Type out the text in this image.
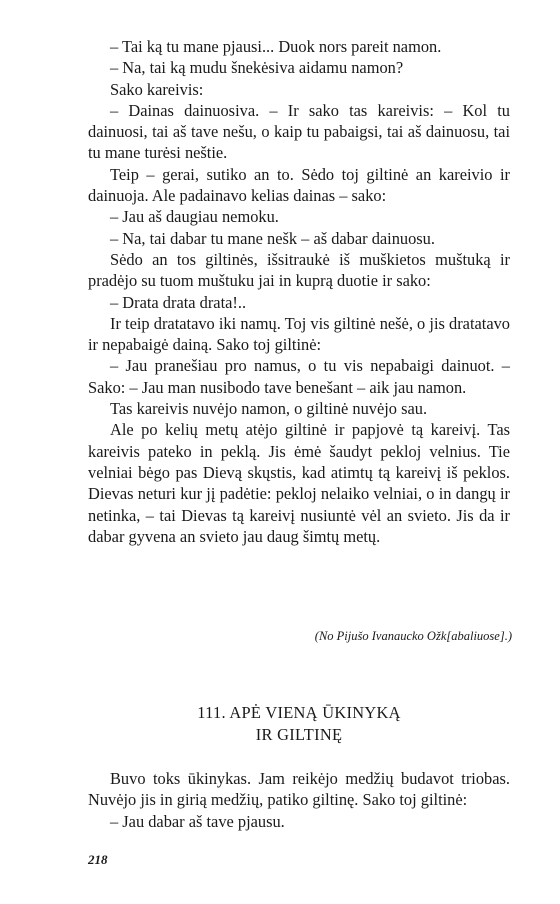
– Tai ką tu mane pjausi... Duok nors pareit namon.

– Na, tai ką mudu šnekėsiva aidamu namon?

Sako kareivis:

– Dainas dainuosiva. – Ir sako tas kareivis: – Kol tu dainuosi, tai aš tave nešu, o kaip tu pabaigsi, tai aš dainuosu, tai tu mane turėsi neštie.

Teip – gerai, sutiko an to. Sėdo toj giltinė an kareivio ir dainuoja. Ale padainavo kelias dainas – sako:

– Jau aš daugiau nemoku.

– Na, tai dabar tu mane nešk – aš dabar dainuosu.

Sėdo an tos giltinės, išsitraukė iš muškietos muštuką ir pradėjo su tuom muštuku jai in kuprą duotie ir sako:

– Drata drata drata!..

Ir teip dratatavo iki namų. Toj vis giltinė nešė, o jis dratatavo ir nepabaigė dainą. Sako toj giltinė:

– Jau pranešiau pro namus, o tu vis nepabaigi dainuot. – Sako: – Jau man nusibodo tave benešant – aik jau namon.

Tas kareivis nuvėjo namon, o giltinė nuvėjo sau.

Ale po kelių metų atėjo giltinė ir papjovė tą kareivį. Tas kareivis pateko in peklą. Jis ėmė šaudyt pekloj velnius. Tie velniai bėgo pas Dievą skųstis, kad atimtų tą kareivį iš peklos. Dievas neturi kur jį padėtie: pekloj nelaiko velniai, o in dangų ir netinka, – tai Dievas tą kareivį nusiuntė vėl an svieto. Jis da ir dabar gyvena an svieto jau daug šimtų metų.

(No Pijušo Ivanaucko Ožk[abaliuose].)
111. APĖ VIENĄ ŪKINYKĄ
IR GILTINĘ

Buvo toks ūkinykas. Jam reikėjo medžių budavot triobas. Nuvėjo jis in girią medžių, patiko giltinę. Sako toj giltinė:

– Jau dabar aš tave pjausu.

218
